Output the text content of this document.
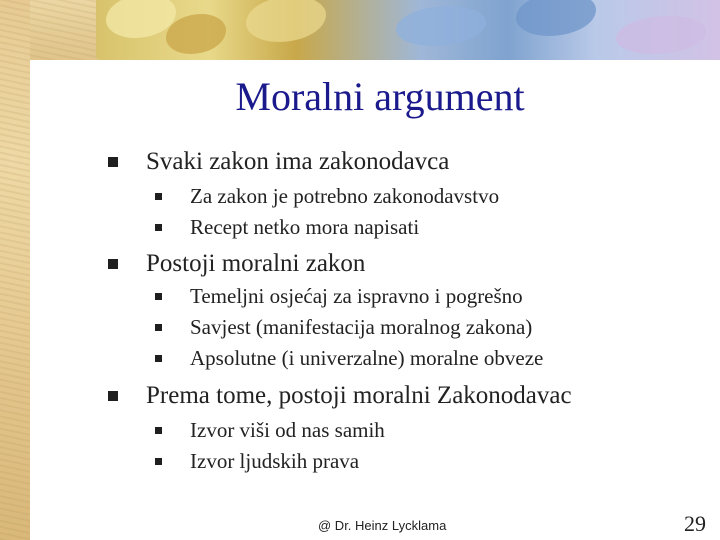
Moralni argument
Svaki zakon ima zakonodavca
Za zakon je potrebno zakonodavstvo
Recept netko mora napisati
Postoji moralni zakon
Temeljni osjećaj za ispravno i pogrešno
Savjest (manifestacija moralnog zakona)
Apsolutne (i univerzalne) moralne obveze
Prema tome, postoji moralni Zakonodavac
Izvor viši od nas samih
Izvor ljudskih prava
@ Dr. Heinz Lycklama	29
